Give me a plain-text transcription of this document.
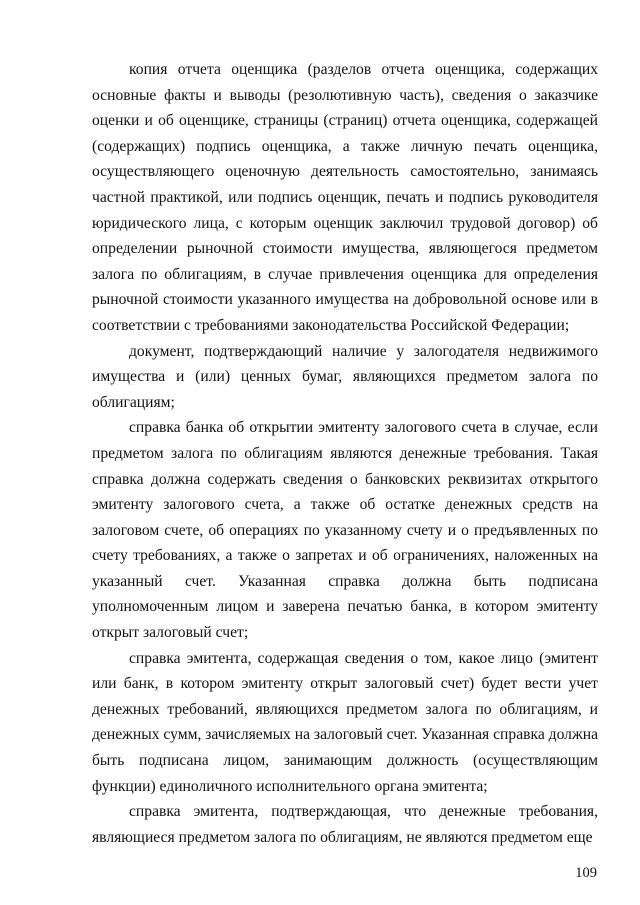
копия отчета оценщика (разделов отчета оценщика, содержащих основные факты и выводы (резолютивную часть), сведения о заказчике оценки и об оценщике, страницы (страниц) отчета оценщика, содержащей (содержащих) подпись оценщика, а также личную печать оценщика, осуществляющего оценочную деятельность самостоятельно, занимаясь частной практикой, или подпись оценщик, печать и подпись руководителя юридического лица, с которым оценщик заключил трудовой договор) об определении рыночной стоимости имущества, являющегося предметом залога по облигациям, в случае привлечения оценщика для определения рыночной стоимости указанного имущества на добровольной основе или в соответствии с требованиями законодательства Российской Федерации;

документ, подтверждающий наличие у залогодателя недвижимого имущества и (или) ценных бумаг, являющихся предметом залога по облигациям;

справка банка об открытии эмитенту залогового счета в случае, если предметом залога по облигациям являются денежные требования. Такая справка должна содержать сведения о банковских реквизитах открытого эмитенту залогового счета, а также об остатке денежных средств на залоговом счете, об операциях по указанному счету и о предъявленных по счету требованиях, а также о запретах и об ограничениях, наложенных на указанный счет. Указанная справка должна быть подписана уполномоченным лицом и заверена печатью банка, в котором эмитенту открыт залоговый счет;

справка эмитента, содержащая сведения о том, какое лицо (эмитент или банк, в котором эмитенту открыт залоговый счет) будет вести учет денежных требований, являющихся предметом залога по облигациям, и денежных сумм, зачисляемых на залоговый счет. Указанная справка должна быть подписана лицом, занимающим должность (осуществляющим функции) единоличного исполнительного органа эмитента;

справка эмитента, подтверждающая, что денежные требования, являющиеся предметом залога по облигациям, не являются предметом еще

109
